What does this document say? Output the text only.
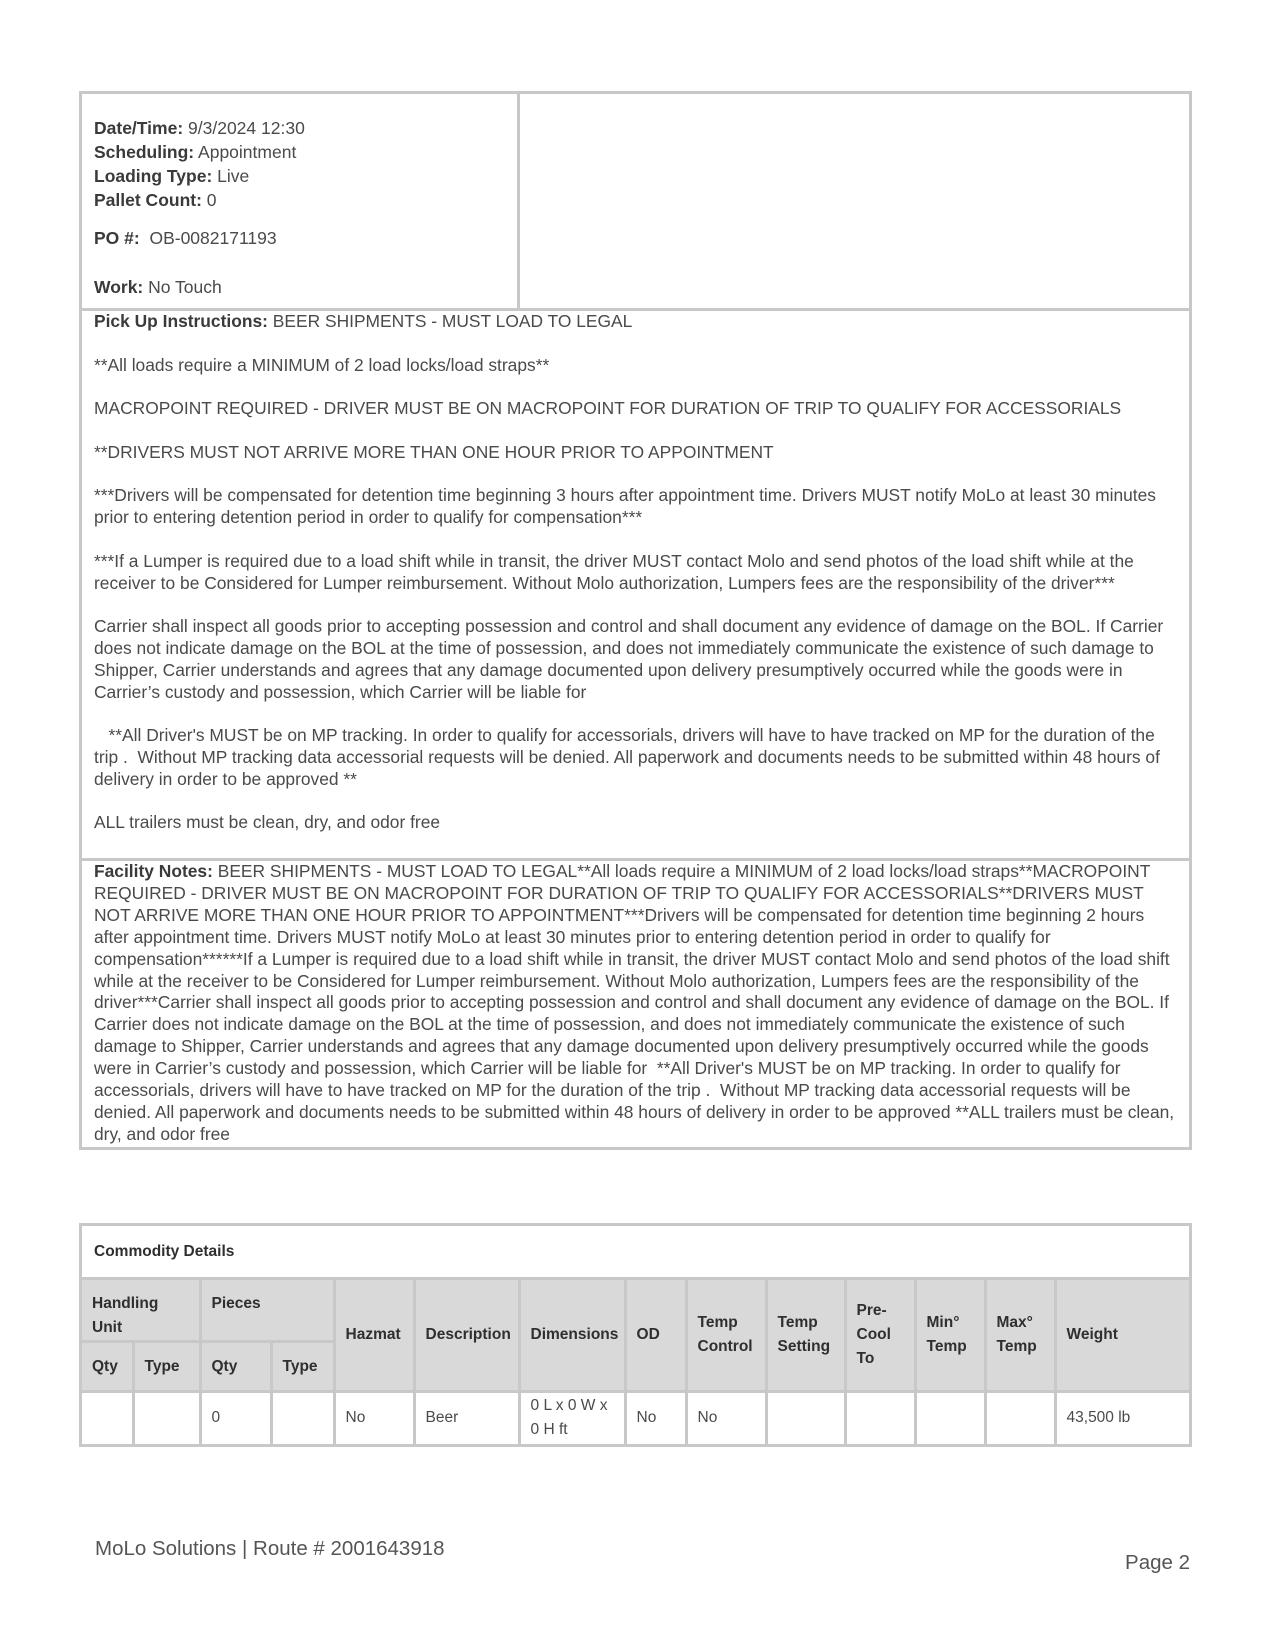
Date/Time: 9/3/2024 12:30
Scheduling: Appointment
Loading Type: Live
Pallet Count: 0
PO #: OB-0082171193
Work: No Touch

Pick Up Instructions: BEER SHIPMENTS - MUST LOAD TO LEGAL

**All loads require a MINIMUM of 2 load locks/load straps**

MACROPOINT REQUIRED - DRIVER MUST BE ON MACROPOINT FOR DURATION OF TRIP TO QUALIFY FOR ACCESSORIALS

**DRIVERS MUST NOT ARRIVE MORE THAN ONE HOUR PRIOR TO APPOINTMENT

***Drivers will be compensated for detention time beginning 3 hours after appointment time. Drivers MUST notify MoLo at least 30 minutes prior to entering detention period in order to qualify for compensation***

***If a Lumper is required due to a load shift while in transit, the driver MUST contact Molo and send photos of the load shift while at the receiver to be Considered for Lumper reimbursement. Without Molo authorization, Lumpers fees are the responsibility of the driver***

Carrier shall inspect all goods prior to accepting possession and control and shall document any evidence of damage on the BOL. If Carrier does not indicate damage on the BOL at the time of possession, and does not immediately communicate the existence of such damage to Shipper, Carrier understands and agrees that any damage documented upon delivery presumptively occurred while the goods were in Carrier’s custody and possession, which Carrier will be liable for

**All Driver's MUST be on MP tracking. In order to qualify for accessorials, drivers will have to have tracked on MP for the duration of the trip .  Without MP tracking data accessorial requests will be denied. All paperwork and documents needs to be submitted within 48 hours of delivery in order to be approved **

ALL trailers must be clean, dry, and odor free

Facility Notes: BEER SHIPMENTS - MUST LOAD TO LEGAL**All loads require a MINIMUM of 2 load locks/load straps**MACROPOINT REQUIRED - DRIVER MUST BE ON MACROPOINT FOR DURATION OF TRIP TO QUALIFY FOR ACCESSORIALS**DRIVERS MUST NOT ARRIVE MORE THAN ONE HOUR PRIOR TO APPOINTMENT***Drivers will be compensated for detention time beginning 2 hours after appointment time. Drivers MUST notify MoLo at least 30 minutes prior to entering detention period in order to qualify for compensation******If a Lumper is required due to a load shift while in transit, the driver MUST contact Molo and send photos of the load shift while at the receiver to be Considered for Lumper reimbursement. Without Molo authorization, Lumpers fees are the responsibility of the driver***Carrier shall inspect all goods prior to accepting possession and control and shall document any evidence of damage on the BOL. If Carrier does not indicate damage on the BOL at the time of possession, and does not immediately communicate the existence of such damage to Shipper, Carrier understands and agrees that any damage documented upon delivery presumptively occurred while the goods were in Carrier’s custody and possession, which Carrier will be liable for  **All Driver's MUST be on MP tracking. In order to qualify for accessorials, drivers will have to have tracked on MP for the duration of the trip .  Without MP tracking data accessorial requests will be denied. All paperwork and documents needs to be submitted within 48 hours of delivery in order to be approved **ALL trailers must be clean, dry, and odor free
Commodity Details
Handling Unit		Pieces		Hazmat	Description	Dimensions	OD	Temp Control	Temp Setting	Pre-Cool To	Min° Temp	Max° Temp	Weight
Qty	Type	Qty	Type										
		0		No	Beer	0 L x 0 W x 0 H ft	No	No					43,500 lb
MoLo Solutions | Route # 2001643918
Page 2
